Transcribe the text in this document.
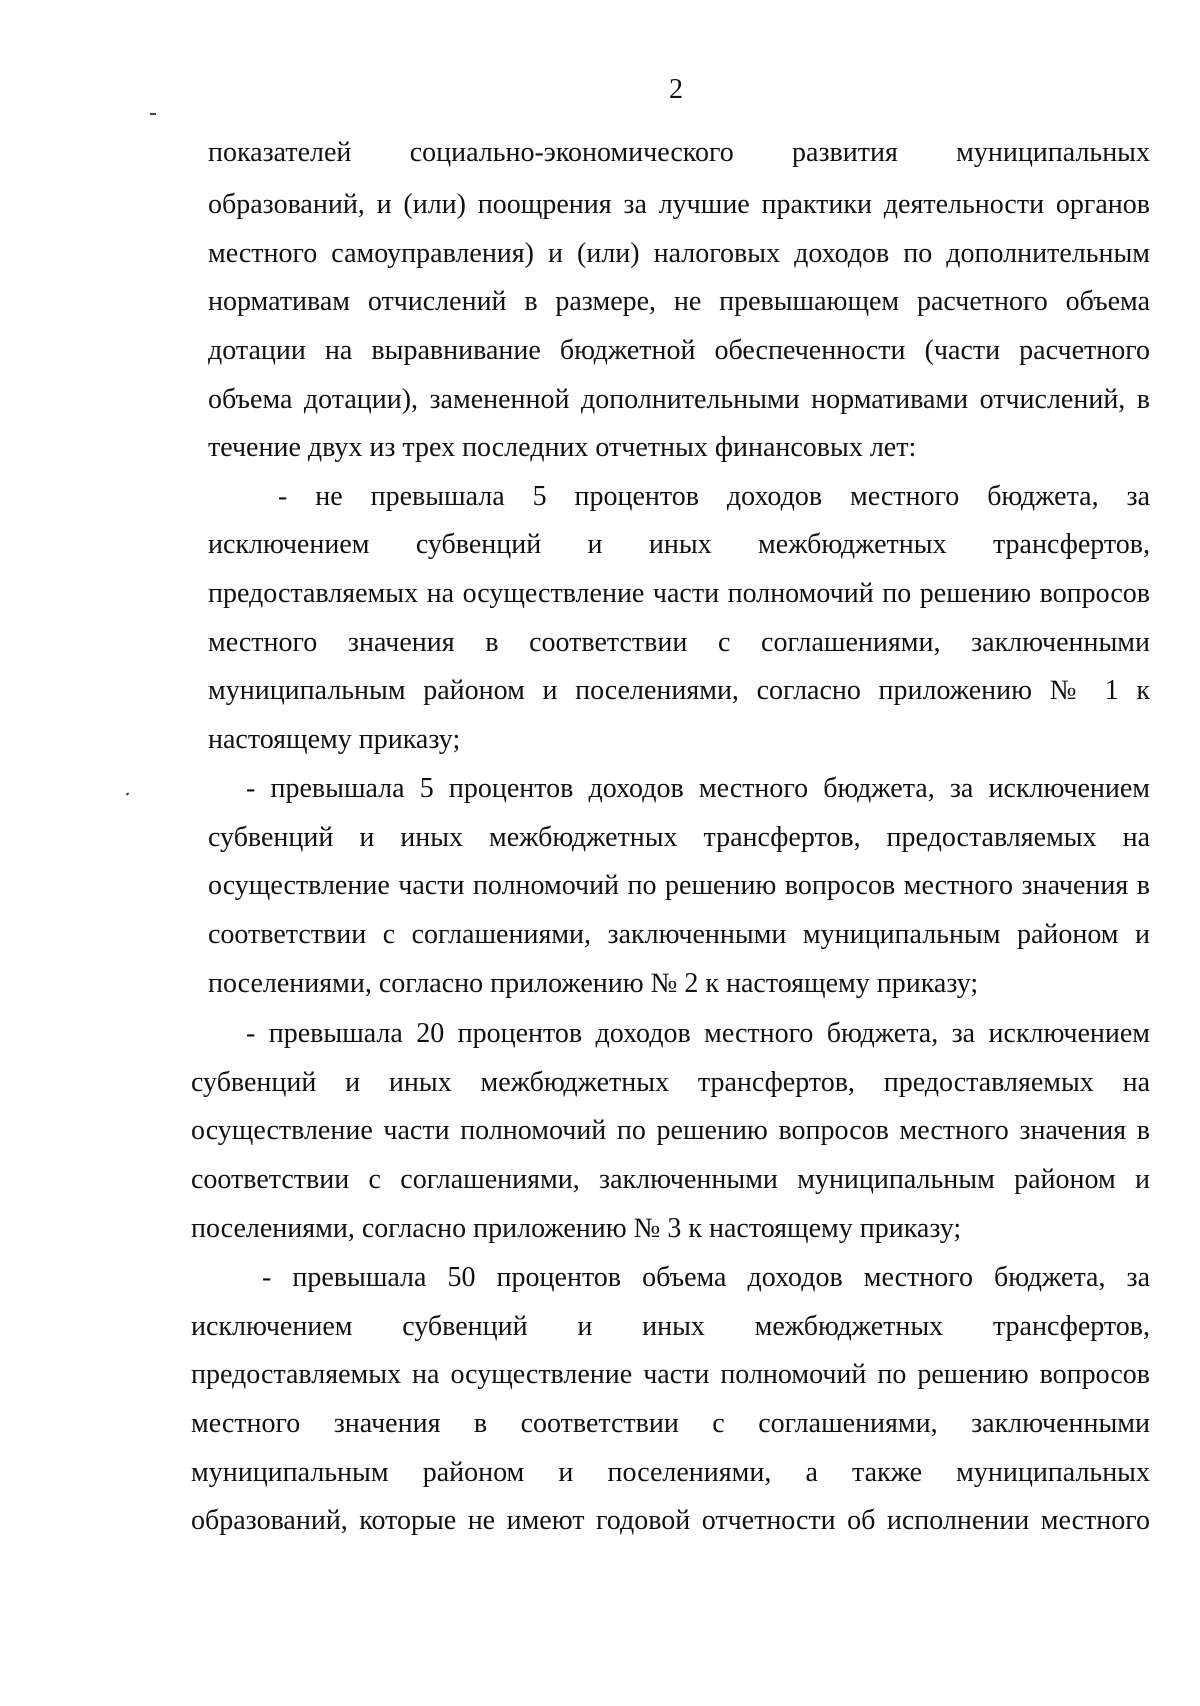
2
показателей социально-экономического развития муниципальных
образований, и (или) поощрения за лучшие практики деятельности органов
местного самоуправления) и (или) налоговых доходов по дополнительным
нормативам отчислений в размере, не превышающем расчетного объема
дотации на выравнивание бюджетной обеспеченности (части расчетного
объема дотации), замененной дополнительными нормативами отчислений, в
течение двух из трех последних отчетных финансовых лет:
- не превышала 5 процентов доходов местного бюджета, за
исключением субвенций и иных межбюджетных трансфертов,
предоставляемых на осуществление части полномочий по решению вопросов
местного значения в соответствии с соглашениями, заключенными
муниципальным районом и поселениями, согласно приложению № 1 к
настоящему приказу;
- превышала 5 процентов доходов местного бюджета, за исключением
субвенций и иных межбюджетных трансфертов, предоставляемых на
осуществление части полномочий по решению вопросов местного значения в
соответствии с соглашениями, заключенными муниципальным районом и
поселениями, согласно приложению № 2 к настоящему приказу;
- превышала 20 процентов доходов местного бюджета, за исключением
субвенций и иных межбюджетных трансфертов, предоставляемых на
осуществление части полномочий по решению вопросов местного значения в
соответствии с соглашениями, заключенными муниципальным районом и
поселениями, согласно приложению № 3 к настоящему приказу;
- превышала 50 процентов объема доходов местного бюджета, за
исключением субвенций и иных межбюджетных трансфертов,
предоставляемых на осуществление части полномочий по решению вопросов
местного значения в соответствии с соглашениями, заключенными
муниципальным районом и поселениями, а также муниципальных
образований, которые не имеют годовой отчетности об исполнении местного
